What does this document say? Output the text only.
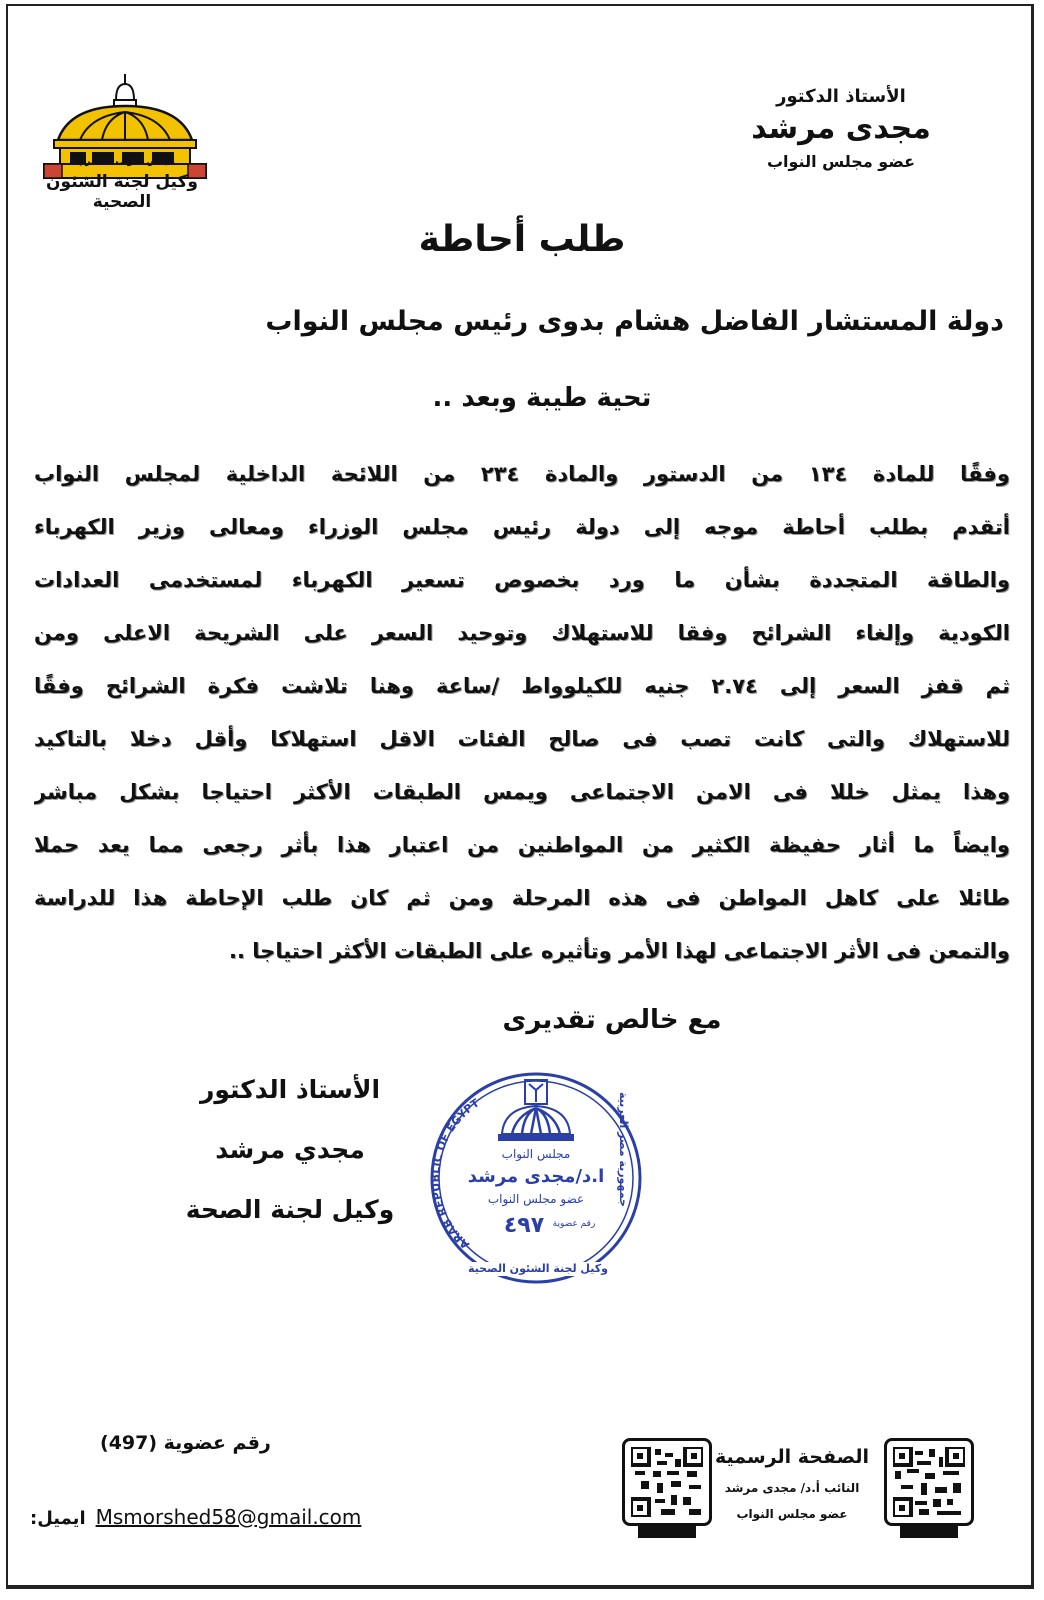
الأستاذ الدكتور
مجدى مرشد
عضو مجلس النواب
مجلس النواب المصري
وكيل لجنة الشئون الصحية
طلب أحاطة
دولة المستشار الفاضل هشام بدوى رئيس مجلس النواب
تحية طيبة وبعد ..
وفقًا للمادة ١٣٤ من الدستور والمادة ٢٣٤ من اللائحة الداخلية لمجلس النواب
أتقدم بطلب أحاطة موجه إلى دولة رئيس مجلس الوزراء ومعالى وزير الكهرباء
والطاقة المتجددة بشأن ما ورد بخصوص تسعير الكهرباء لمستخدمى العدادات
الكودية وإلغاء الشرائح وفقا للاستهلاك وتوحيد السعر على الشريحة الاعلى ومن
ثم قفز السعر إلى ٢.٧٤ جنيه للكيلوواط /ساعة وهنا تلاشت فكرة الشرائح وفقًا
للاستهلاك والتى كانت تصب فى صالح الفئات الاقل استهلاكا وأقل دخلا بالتاكيد
وهذا يمثل خللا فى الامن الاجتماعى ويمس الطبقات الأكثر احتياجا بشكل مباشر
وايضاً ما أثار حفيظة الكثير من المواطنين من اعتبار هذا بأثر رجعى مما يعد حملا
طائلا على كاهل المواطن فى هذه المرحلة ومن ثم كان طلب الإحاطة هذا للدراسة
والتمعن فى الأثر الاجتماعى لهذا الأمر وتأثيره على الطبقات الأكثر احتياجا ..
مع خالص تقديرى
الأستاذ الدكتور
مجدي مرشد
وكيل لجنة الصحة
ARAB REPUBLIC OF EGYPT
مجلس النواب
ا.د/مجدى مرشد
عضو مجلس النواب
٤٩٧ رقم عضوية
جمهورية مصر العربية
وكيل لجنة الشئون الصحية
رقم عضوية (497)
ايميل: Msmorshed58@gmail.com
الصفحة الرسمية
النائب أ.د/ مجدى مرشد
عضو مجلس النواب
